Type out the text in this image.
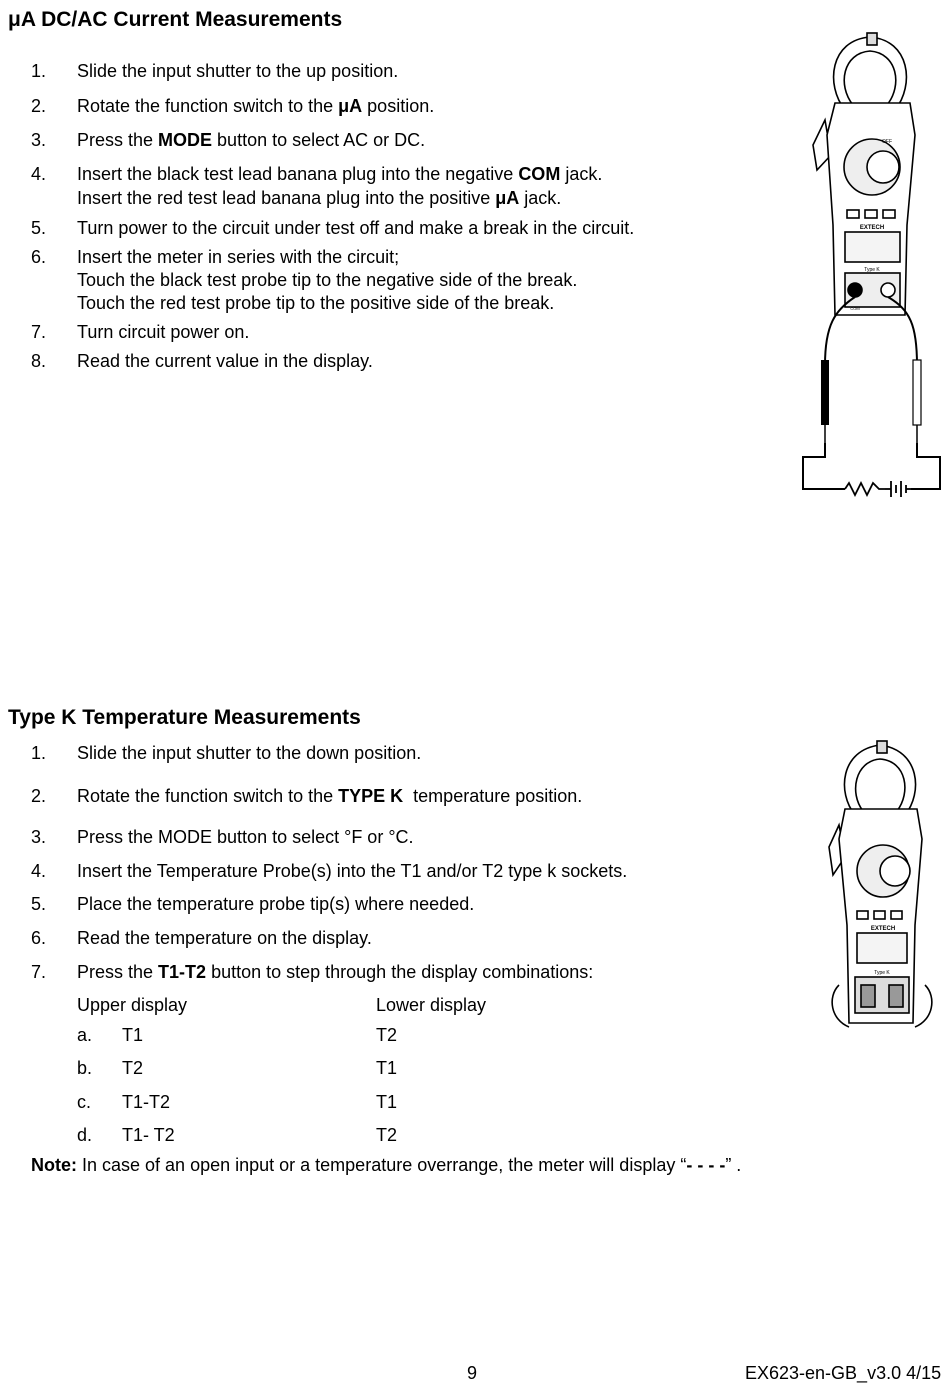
μA DC/AC Current Measurements
1. Slide the input shutter to the up position.
2. Rotate the function switch to the μA position.
3. Press the MODE button to select AC or DC.
4. Insert the black test lead banana plug into the negative COM jack.
Insert the red test lead banana plug into the positive μA jack.
5. Turn power to the circuit under test off and make a break in the circuit.
6. Insert the meter in series with the circuit;
Touch the black test probe tip to the negative side of the break.
Touch the red test probe tip to the positive side of the break.
7. Turn circuit power on.
8. Read the current value in the display.
EXTECH
OFF
Type K
COM
Type K Temperature Measurements
1. Slide the input shutter to the down position.
2. Rotate the function switch to the TYPE K  temperature position.
3. Press the MODE button to select °F or °C.
4. Insert the Temperature Probe(s) into the T1 and/or T2 type k sockets.
5. Place the temperature probe tip(s) where needed.
6. Read the temperature on the display.
7. Press the T1-T2 button to step through the display combinations:
Upper display	Lower display
a. T1	T2
b. T2	T1
c. T1-T2	T1
d. T1- T2	T2
Note: In case of an open input or a temperature overrange, the meter will display “- - - -” .
EXTECH
Type K
9	EX623-en-GB_v3.0 4/15
